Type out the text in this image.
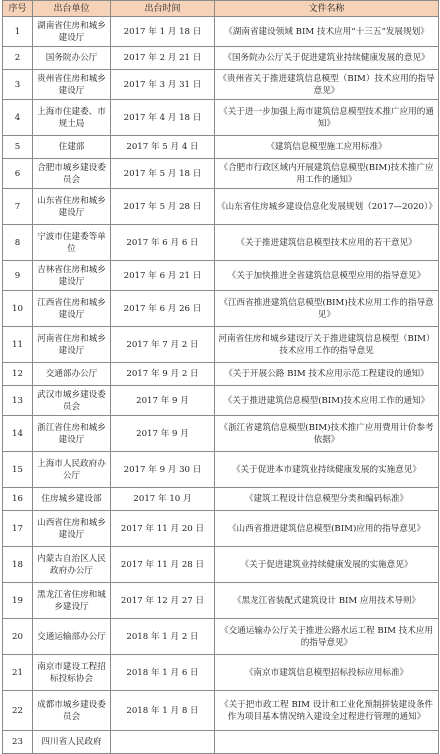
序号	出台单位	出台时间	文件名称
1	湖南省住房和城乡建设厅	2017 年 1 月 18 日	《湖南省建设领域 BIM 技术应用“十三五”发展规划》
2	国务院办公厅	2017 年 2 月 21 日	《国务院办公厅关于促进建筑业持续健康发展的意见》
3	贵州省住房和城乡建设厅	2017 年 3 月 31 日	《贵州省关于推进建筑信息模型（BIM）技术应用的指导意见》
4	上海市住建委、市规土局	2017 年 4 月 18 日	《关于进一步加强上海市建筑信息模型技术推广应用的通知》
5	住建部	2017 年 5 月 4 日	《建筑信息模型施工应用标准》
6	合肥市城乡建设委员会	2017 年 5 月 18 日	《合肥市行政区域内开展建筑信息模型(BIM)技术推广应用工作的通知》
7	山东省住房和城乡建设厅	2017 年 5 月 28 日	《山东省住房城乡建设信息化发展规划（2017—2020）》
8	宁波市住建委等单位	2017 年 6 月 6 日	《关于推进建筑信息模型技术应用的若干意见》
9	吉林省住房和城乡建设厅	2017 年 6 月 21 日	《关于加快推进全省建筑信息模型应用的指导意见》
10	江西省住房和城乡建设厅	2017 年 6 月 26 日	《江西省推进建筑信息模型(BIM)技术应用工作的指导意见》
11	河南省住房和城乡建设厅	2017 年 7 月 2 日	河南省住房和城乡建设厅关于推进建筑信息模型（BIM）技术应用工作的指导意见
12	交通部办公厅	2017 年 9 月 2 日	《关于开展公路 BIM 技术应用示范工程建设的通知》
13	武汉市城乡建设委员会	2017 年 9 月	《关于推进建筑信息模型(BIM)技术应用工作的通知》
14	浙江省住房和城乡建设厅	2017 年 9 月	《浙江省建筑信息模型(BIM)技术推广应用费用计价参考依据》
15	上海市人民政府办公厅	2017 年 9 月 30 日	《关于促进本市建筑业持续健康发展的实施意见》
16	住房城乡建设部	2017 年 10 月	《建筑工程设计信息模型分类和编码标准》
17	山西省住房和城乡建设厅	2017 年 11 月 20 日	《山西省推进建筑信息模型(BIM)应用的指导意见》
18	内蒙古自治区人民政府办公厅	2017 年 11 月 28 日	《关于促进建筑业持续健康发展的实施意见》
19	黑龙江省住房和城乡建设厅	2017 年 12 月 27 日	《黑龙江省装配式建筑设计 BIM 应用技术导则》
20	交通运输部办公厅	2018 年 1 月 2 日	《交通运输办公厅关于推进公路水运工程 BIM 技术应用的指导意见》
21	南京市建设工程招标投标协会	2018 年 1 月 6 日	《南京市建筑信息模型招标投标应用标准》
22	成都市城乡建设委员会	2018 年 1 月 8 日	《关于把市政工程 BIM 设计和工业化预制拼装建设条件作为项目基本情况纳入建设全过程进行管理的通知》
23	四川省人民政府		
